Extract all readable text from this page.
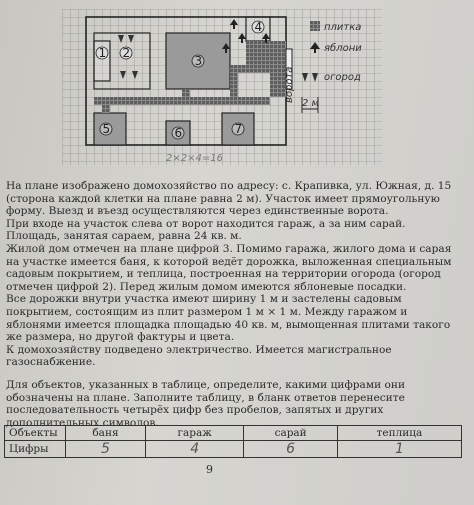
1 2
3
4
5	6	7
плитка
яблони
огород
2 м
ворота
2×2×4=16

На плане изображено домохозяйство по адресу: с. Крапивка, ул. Южная, д. 15 (сторона каждой клетки на плане равна 2 м). Участок имеет прямоугольную форму. Выезд и въезд осуществляются через единственные ворота.

При входе на участок слева от ворот находится гараж, а за ним сарай. Площадь, занятая сараем, равна 24 кв. м.

Жилой дом отмечен на плане цифрой 3. Помимо гаража, жилого дома и сарая на участке имеется баня, к которой ведёт дорожка, выложенная специальным садовым покрытием, и теплица, построенная на территории огорода (огород отмечен цифрой 2). Перед жилым домом имеются яблоневые посадки.

Все дорожки внутри участка имеют ширину 1 м и застелены садовым покрытием, состоящим из плит размером 1 м × 1 м. Между гаражом и яблонями имеется площадка площадью 40 кв. м, вымощенная плитами такого же размера, но другой фактуры и цвета.

К домохозяйству подведено электричество. Имеется магистральное газоснабжение.

Для объектов, указанных в таблице, определите, какими цифрами они обозначены на плане. Заполните таблицу, в бланк ответов перенесите последовательность четырёх цифр без пробелов, запятых и других дополнительных символов.

Объекты	баня	гараж	сарай	теплица
Цифры	5	4	6	1
9
